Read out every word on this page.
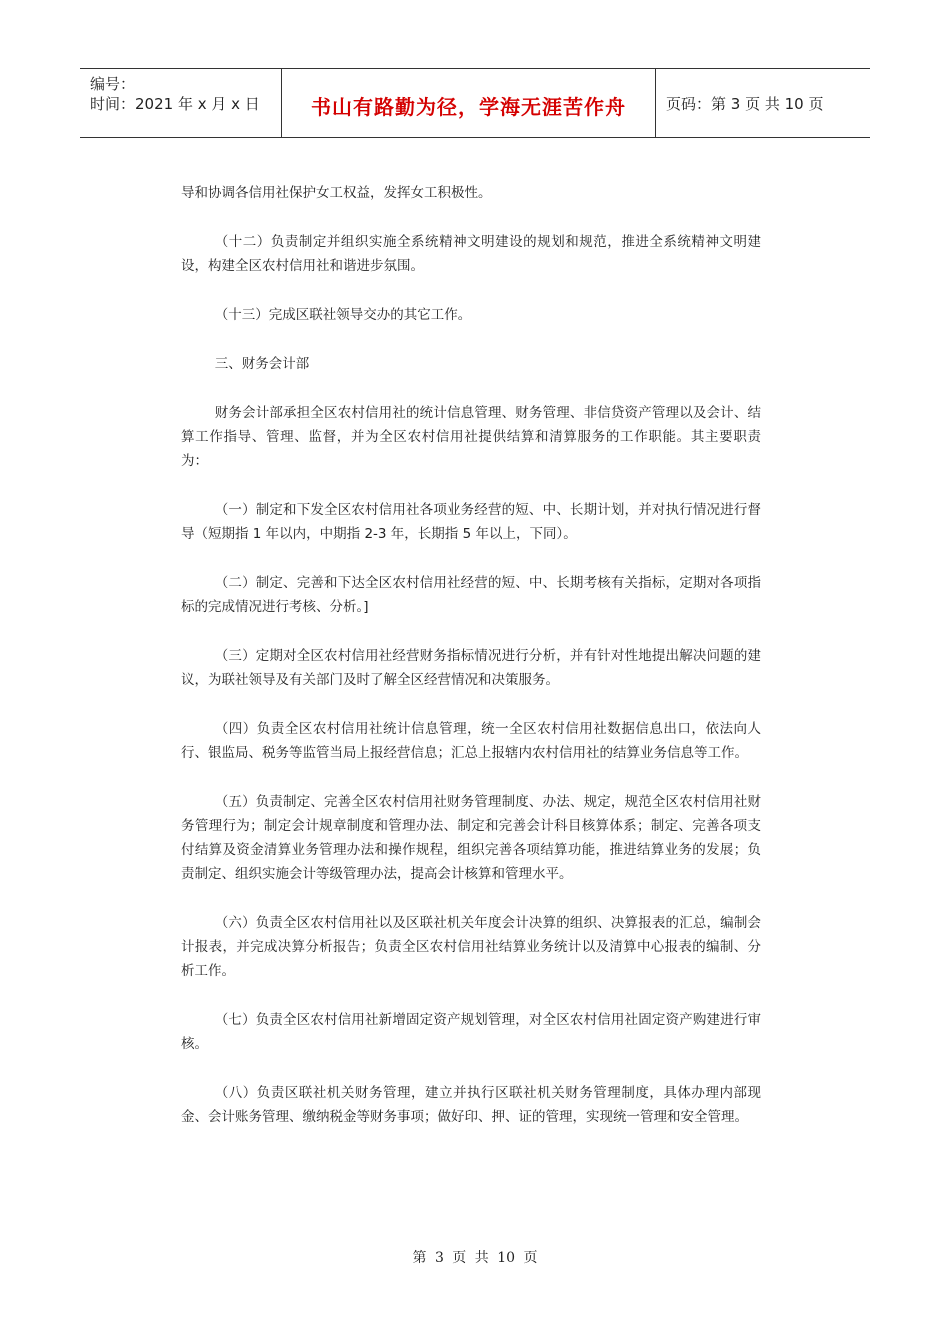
编号：
时间：2021 年 x 月 x 日	书山有路勤为径，学海无涯苦作舟	页码：第 3 页 共 10 页

导和协调各信用社保护女工权益，发挥女工积极性。

（十二）负责制定并组织实施全系统精神文明建设的规划和规范，推进全系统精神文明建设，构建全区农村信用社和谐进步氛围。

（十三）完成区联社领导交办的其它工作。

三、财务会计部

财务会计部承担全区农村信用社的统计信息管理、财务管理、非信贷资产管理以及会计、结算工作指导、管理、监督，并为全区农村信用社提供结算和清算服务的工作职能。其主要职责为：

（一）制定和下发全区农村信用社各项业务经营的短、中、长期计划，并对执行情况进行督导（短期指 1 年以内，中期指 2-3 年，长期指 5 年以上，下同）。

（二）制定、完善和下达全区农村信用社经营的短、中、长期考核有关指标，定期对各项指标的完成情况进行考核、分析。]

（三）定期对全区农村信用社经营财务指标情况进行分析，并有针对性地提出解决问题的建议，为联社领导及有关部门及时了解全区经营情况和决策服务。

（四）负责全区农村信用社统计信息管理，统一全区农村信用社数据信息出口，依法向人行、银监局、税务等监管当局上报经营信息；汇总上报辖内农村信用社的结算业务信息等工作。

（五）负责制定、完善全区农村信用社财务管理制度、办法、规定，规范全区农村信用社财务管理行为；制定会计规章制度和管理办法、制定和完善会计科目核算体系；制定、完善各项支付结算及资金清算业务管理办法和操作规程，组织完善各项结算功能，推进结算业务的发展；负责制定、组织实施会计等级管理办法，提高会计核算和管理水平。

（六）负责全区农村信用社以及区联社机关年度会计决算的组织、决算报表的汇总，编制会计报表，并完成决算分析报告；负责全区农村信用社结算业务统计以及清算中心报表的编制、分析工作。

（七）负责全区农村信用社新增固定资产规划管理，对全区农村信用社固定资产购建进行审核。

（八）负责区联社机关财务管理，建立并执行区联社机关财务管理制度，具体办理内部现金、会计账务管理、缴纳税金等财务事项；做好印、押、证的管理，实现统一管理和安全管理。

第 3 页 共 10 页
